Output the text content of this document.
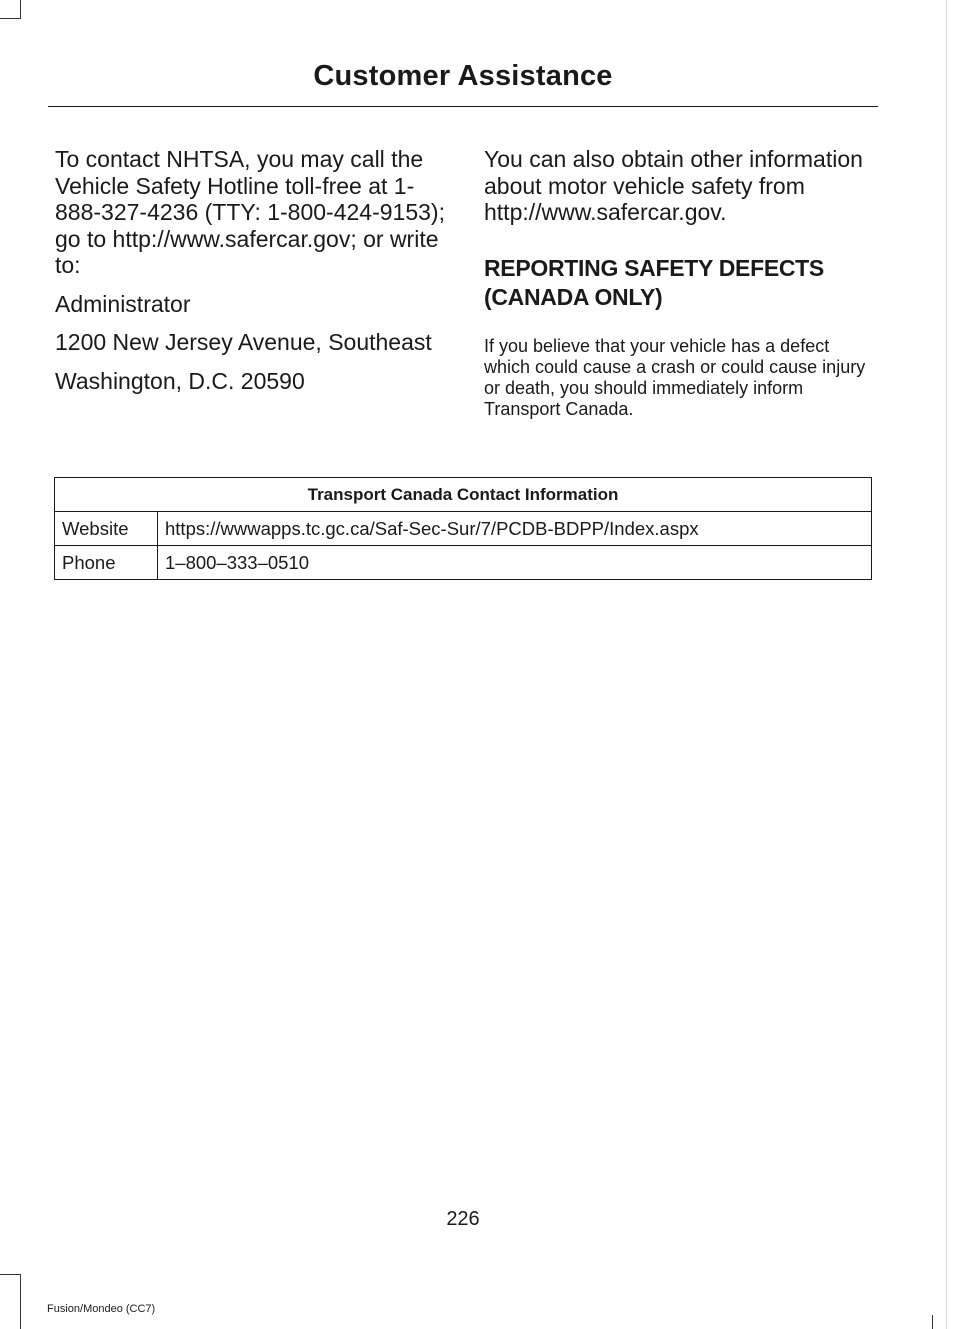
Customer Assistance

To contact NHTSA, you may call the Vehicle Safety Hotline toll-free at 1-888-327-4236 (TTY: 1-800-424-9153); go to http://www.safercar.gov; or write to:

Administrator

1200 New Jersey Avenue, Southeast

Washington, D.C. 20590

You can also obtain other information about motor vehicle safety from http://www.safercar.gov.

REPORTING SAFETY DEFECTS (CANADA ONLY)

If you believe that your vehicle has a defect which could cause a crash or could cause injury or death, you should immediately inform Transport Canada.

Transport Canada Contact Information	
Website	https://wwwapps.tc.gc.ca/Saf-Sec-Sur/7/PCDB-BDPP/Index.aspx
Phone	1–800–333–0510
226
Fusion/Mondeo (CC7)
